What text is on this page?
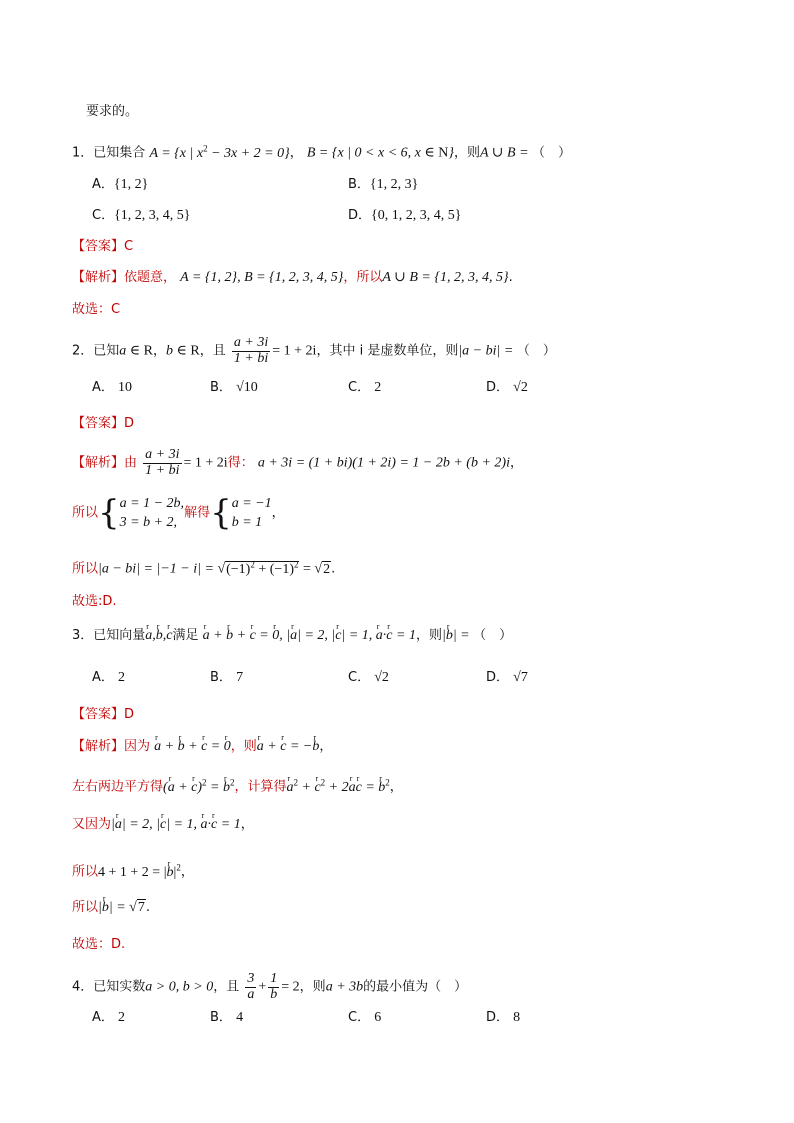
要求的。
1．已知集合 A = {x | $x^2 - 3x + 2 = 0$}， B = {x | 0 < x < 6, x ∈ N}，则A ∪ B = （　）
A．{1, 2}	B．{1, 2, 3}
C．{1, 2, 3, 4, 5}	D．{0, 1, 2, 3, 4, 5}
【答案】C
【解析】依题意， A = {1, 2}, B = {1, 2, 3, 4, 5}，所以A ∪ B = {1, 2, 3, 4, 5}.
故选：C
2．已知a ∈ R，b ∈ R，且 $\frac{a + 3i}{1 + bi} = 1 + 2i$，其中 i 是虚数单位，则|a − bi| = （　）
A． 10	B． √10	C． 2	D． √2
【答案】D
【解析】由 $\frac{a + 3i}{1 + bi} = 1 + 2i$得： a + 3i = (1 + bi)(1 + 2i) = 1 − 2b + (b + 2)i，
所以{a = 1 − 2b,
3 = b + 2,解得{a = −1
b = 1，
所以$|a - bi| = |-1 - i| = √(-1)^2 + (-1)^2 = √2$.
故选:D.
3．已知向量r a,r b,r c满足 r a + r b + r c = r 0, |r a| = 2, |r c| = 1, r a·r c = 1，则|r b| = （　）
A． 2	B． 7	C． √2	D． √7
【答案】D
【解析】因为 r a + r b + r c = r 0，则r a + r c = −r b，
左右两边平方得(r a + r c)$^2$ = r $b^2$，计算得r $a^2 + r$ $c^2 + 2r$ ar c = r $b^2$，
又因为|r a| = 2, |r c| = 1, r a·r c = 1，
所以4 + 1 + 2 = |r $b|^2$，
所以|r b| = √7.
故选：D.
4．已知实数a > 0, b > 0，且 $\frac{3}{a} + \frac{1}{b} = 2$，则a + 3b的最小值为（　）
A． 2	B． 4	C． 6	D． 8
